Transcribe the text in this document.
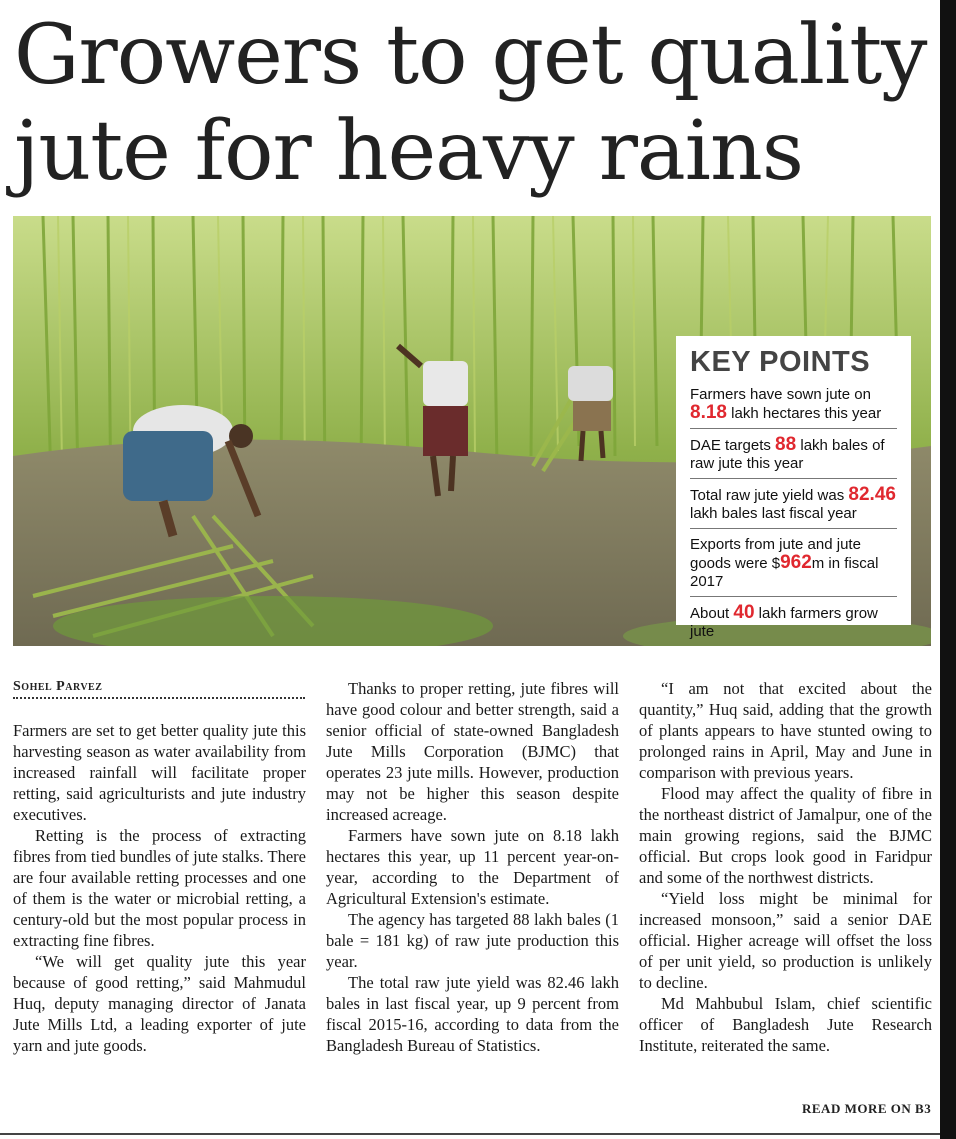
Growers to get quality jute for heavy rains
KEY POINTS
Farmers have sown jute on 8.18 lakh hectares this year
DAE targets 88 lakh bales of raw jute this year
Total raw jute yield was 82.46 lakh bales last fiscal year
Exports from jute and jute goods were $962m in fiscal 2017
About 40 lakh farmers grow jute
Sohel Parvez

Farmers are set to get better quality jute this harvesting season as water availability from increased rainfall will facilitate proper retting, said agriculturists and jute industry executives.

Retting is the process of extracting fibres from tied bundles of jute stalks. There are four available retting processes and one of them is the water or microbial retting, a century-old but the most popular process in extracting fine fibres.

“We will get quality jute this year because of good retting,” said Mahmudul Huq, deputy managing director of Janata Jute Mills Ltd, a leading exporter of jute yarn and jute goods.

Thanks to proper retting, jute fibres will have good colour and better strength, said a senior official of state-owned Bangladesh Jute Mills Corporation (BJMC) that operates 23 jute mills. However, production may not be higher this season despite increased acreage.

Farmers have sown jute on 8.18 lakh hectares this year, up 11 percent year-on-year, according to the Department of Agricultural Extension's estimate.

The agency has targeted 88 lakh bales (1 bale = 181 kg) of raw jute production this year.

The total raw jute yield was 82.46 lakh bales in last fiscal year, up 9 percent from fiscal 2015-16, according to data from the Bangladesh Bureau of Statistics.

“I am not that excited about the quantity,” Huq said, adding that the growth of plants appears to have stunted owing to prolonged rains in April, May and June in comparison with previous years.

Flood may affect the quality of fibre in the northeast district of Jamalpur, one of the main growing regions, said the BJMC official. But crops look good in Faridpur and some of the northwest districts.

“Yield loss might be minimal for increased monsoon,” said a senior DAE official. Higher acreage will offset the loss of per unit yield, so production is unlikely to decline.

Md Mahbubul Islam, chief scientific officer of Bangladesh Jute Research Institute, reiterated the same.

READ MORE ON B3
